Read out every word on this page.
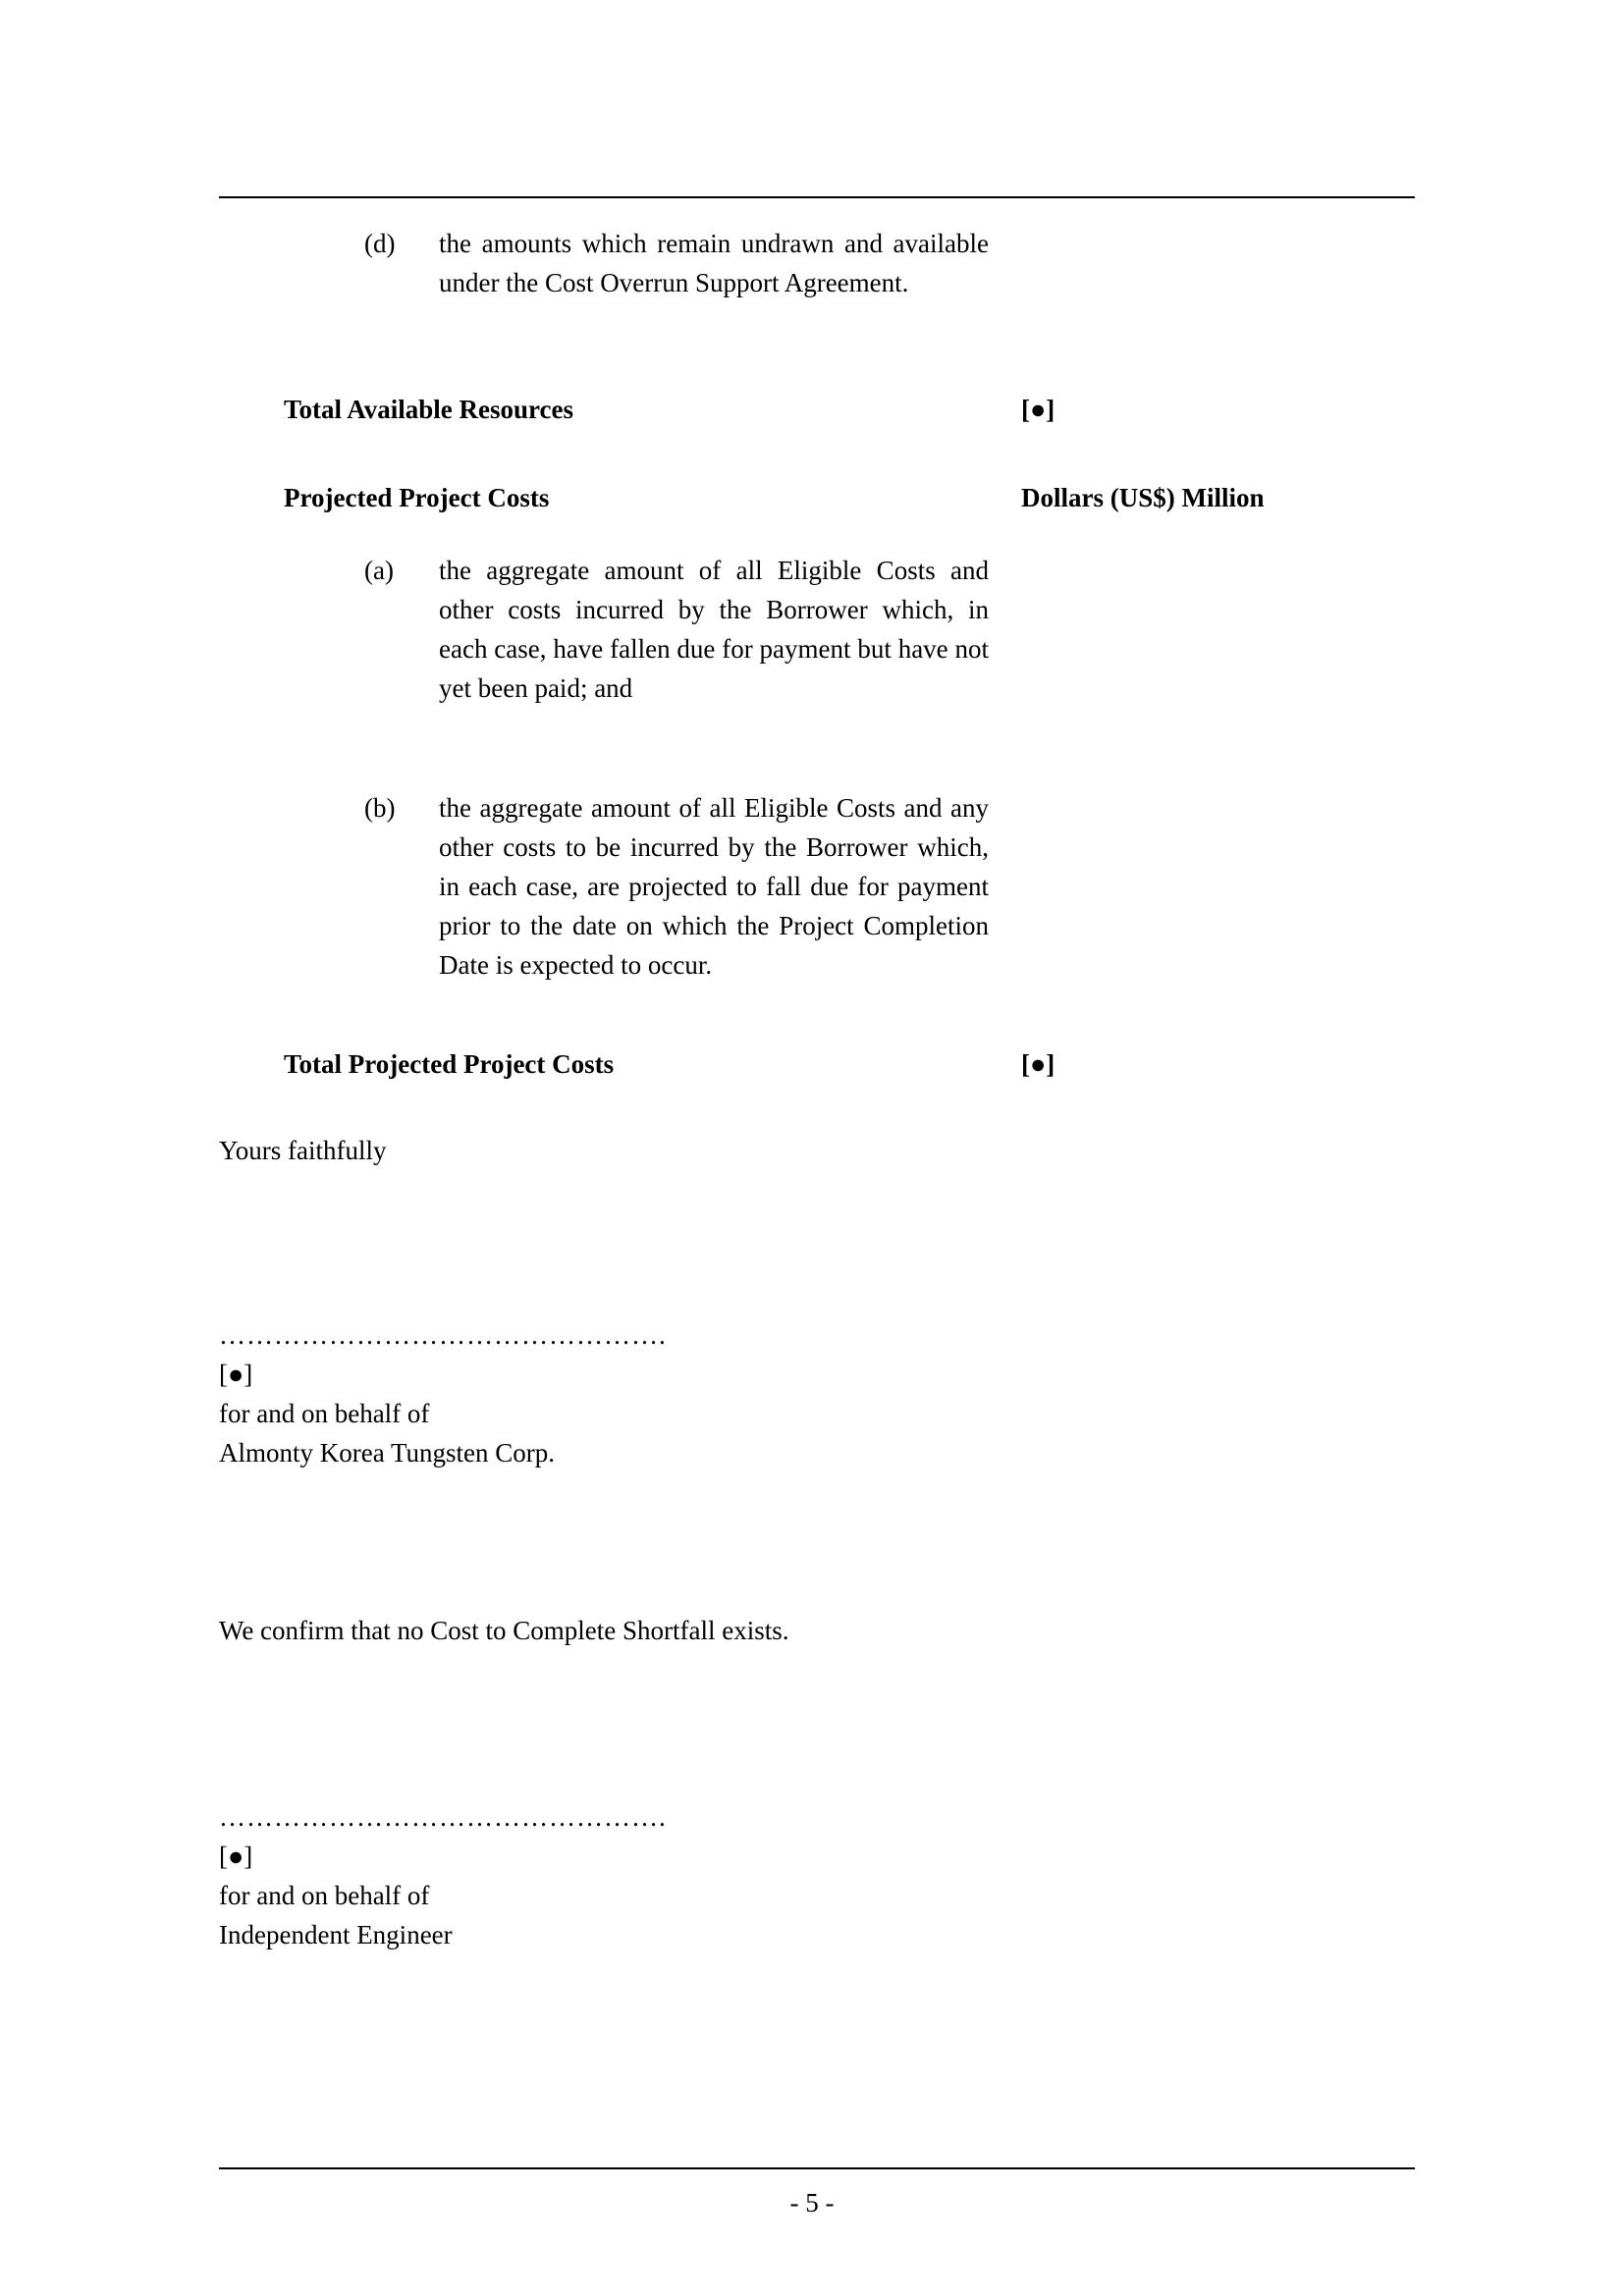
(d)	the amounts which remain undrawn and available under the Cost Overrun Support Agreement.
Total Available Resources	[●]
Projected Project Costs	Dollars (US$) Million
(a)	the aggregate amount of all Eligible Costs and other costs incurred by the Borrower which, in each case, have fallen due for payment but have not yet been paid; and
(b)	the aggregate amount of all Eligible Costs and any other costs to be incurred by the Borrower which, in each case, are projected to fall due for payment prior to the date on which the Project Completion Date is expected to occur.
Total Projected Project Costs	[●]

Yours faithfully

………………………………………….
[●]
for and on behalf of
Almonty Korea Tungsten Corp.

We confirm that no Cost to Complete Shortfall exists.

………………………………………….
[●]
for and on behalf of
Independent Engineer
- 5 -
